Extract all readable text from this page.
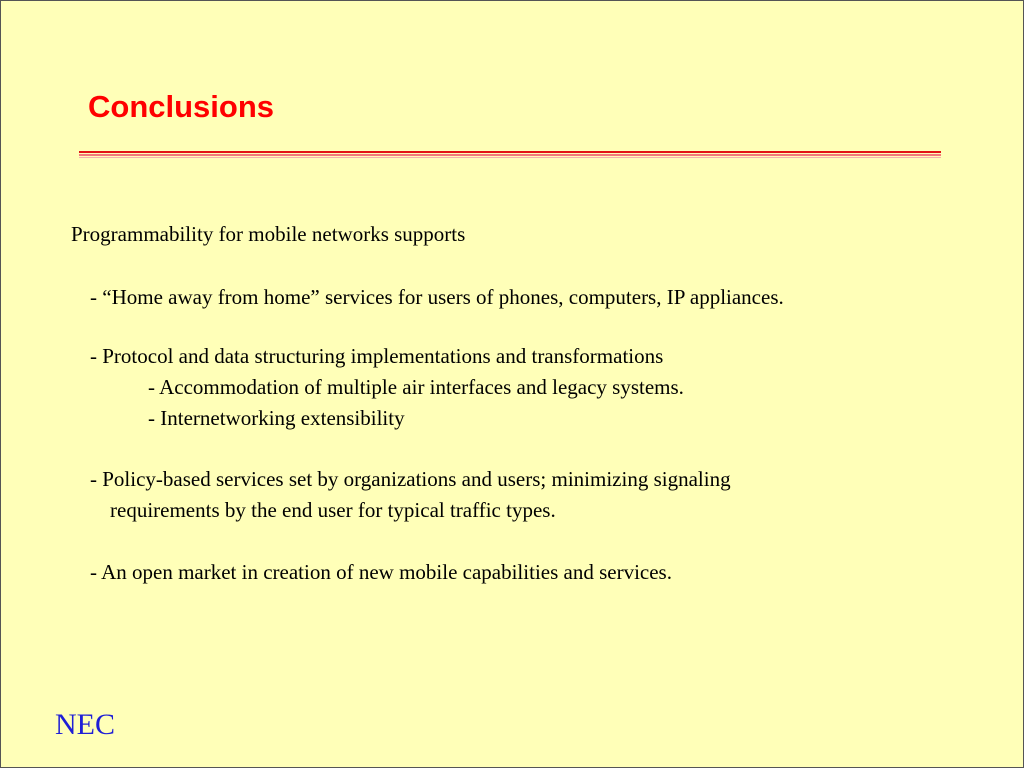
Conclusions

Programmability for mobile networks supports

- “Home away from home” services for users of phones, computers, IP appliances.

- Protocol and data structuring implementations and transformations

- Accommodation of multiple air interfaces and legacy systems.

- Internetworking extensibility

- Policy-based services set by organizations and users; minimizing signaling

requirements by the end user for typical traffic types.

- An open market in creation of new mobile capabilities and services.

NEC
